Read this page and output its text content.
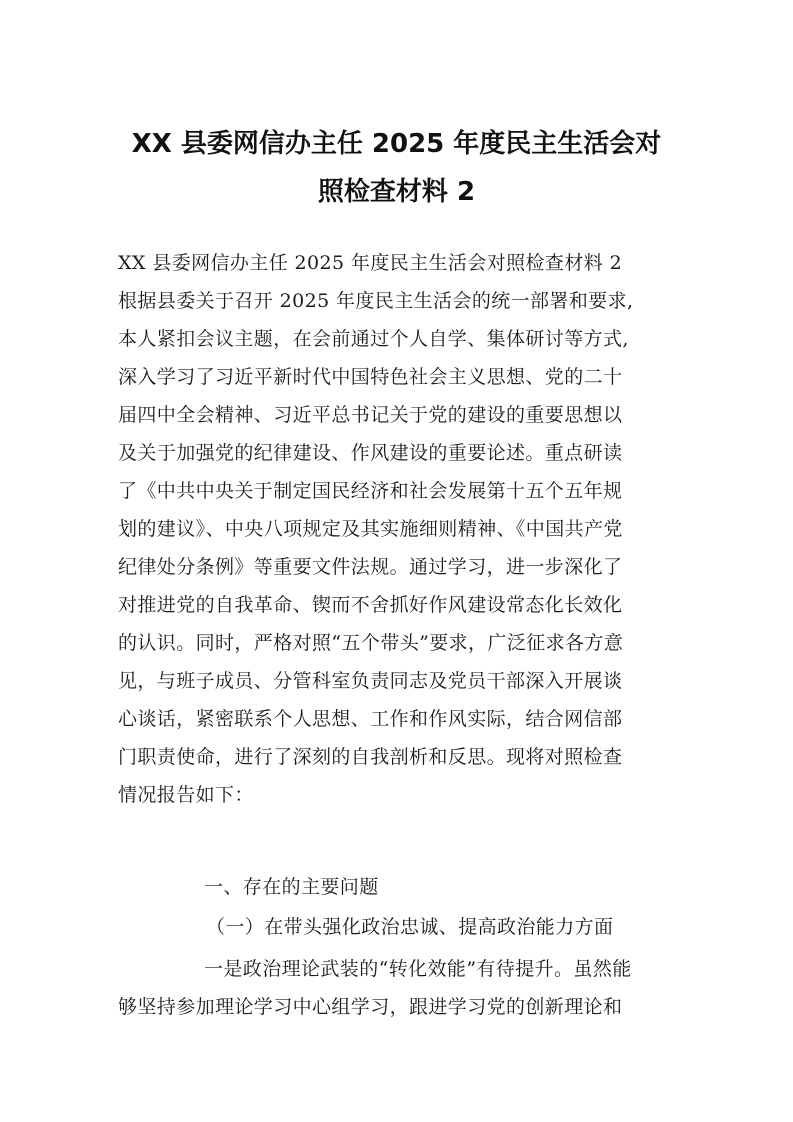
XX 县委网信办主任 2025 年度民主生活会对
照检查材料 2
XX 县委网信办主任 2025 年度民主生活会对照检查材料 2
根据县委关于召开 2025 年度民主生活会的统一部署和要求,
本人紧扣会议主题，在会前通过个人自学、集体研讨等方式,
深入学习了习近平新时代中国特色社会主义思想、党的二十
届四中全会精神、习近平总书记关于党的建设的重要思想以
及关于加强党的纪律建设、作风建设的重要论述。重点研读
了《中共中央关于制定国民经济和社会发展第十五个五年规
划的建议》、中央八项规定及其实施细则精神、《中国共产党
纪律处分条例》等重要文件法规。通过学习，进一步深化了
对推进党的自我革命、锲而不舍抓好作风建设常态化长效化
的认识。同时，严格对照“五个带头”要求，广泛征求各方意
见，与班子成员、分管科室负责同志及党员干部深入开展谈
心谈话，紧密联系个人思想、工作和作风实际，结合网信部
门职责使命，进行了深刻的自我剖析和反思。现将对照检查
情况报告如下：
一、存在的主要问题
（一）在带头强化政治忠诚、提高政治能力方面
一是政治理论武装的“转化效能”有待提升。虽然能
够坚持参加理论学习中心组学习，跟进学习党的创新理论和
